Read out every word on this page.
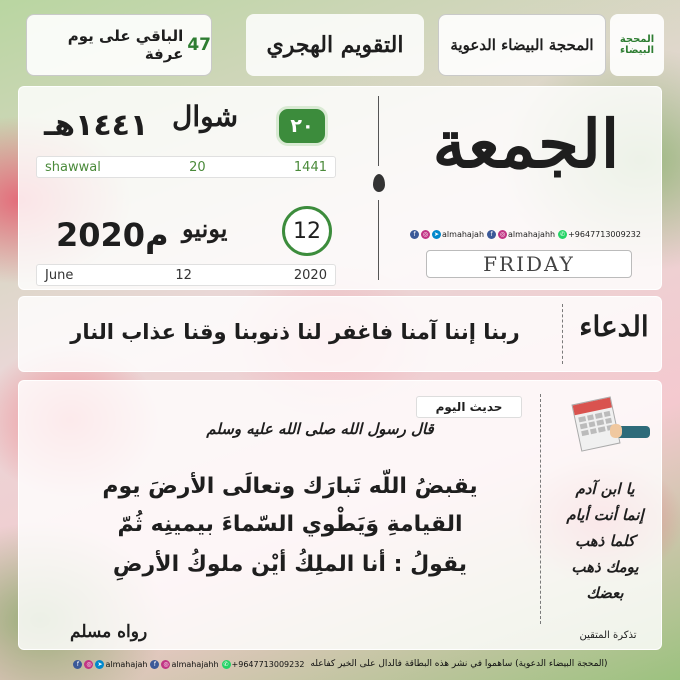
الباقي على يوم عرفة 47	التقويم الهجري	المحجة البيضاء الدعوية	المحجة البيضاء
١٤٤١هـ شوال	٢٠
shawwal	20	1441
2020م يونيو	12
June	12	2020
الجمعة
f	◎ ➤ almahajah	f	◎ almahajahh ✆ +9647713009232
FRIDAY
الدعاء
ربنا إننا آمنا فاغفر لنا ذنوبنا وقنا عذاب النار
حديث اليوم
قال رسول الله صلى الله عليه وسلم
يقبضُ اللّه تَبارَك وتعالَى الأرضَ يوم
القيامةِ وَيَطْوي السّماءَ بيمينِه ثُمّ
يقولُ : أنا الملِكُ أيْن ملوكُ الأرضِ
رواه مسلم
يا ابن آدم
إنما أنت أيام
كلما ذهب
يومك ذهب
بعضك
تذكرة المتقين
f	◎ ➤ almahajah	f	◎ almahajahh ✆ +9647713009232 (المحجة البيضاء الدعوية) ساهموا في نشر هذه البطاقة فالدال على الخير كفاعله
